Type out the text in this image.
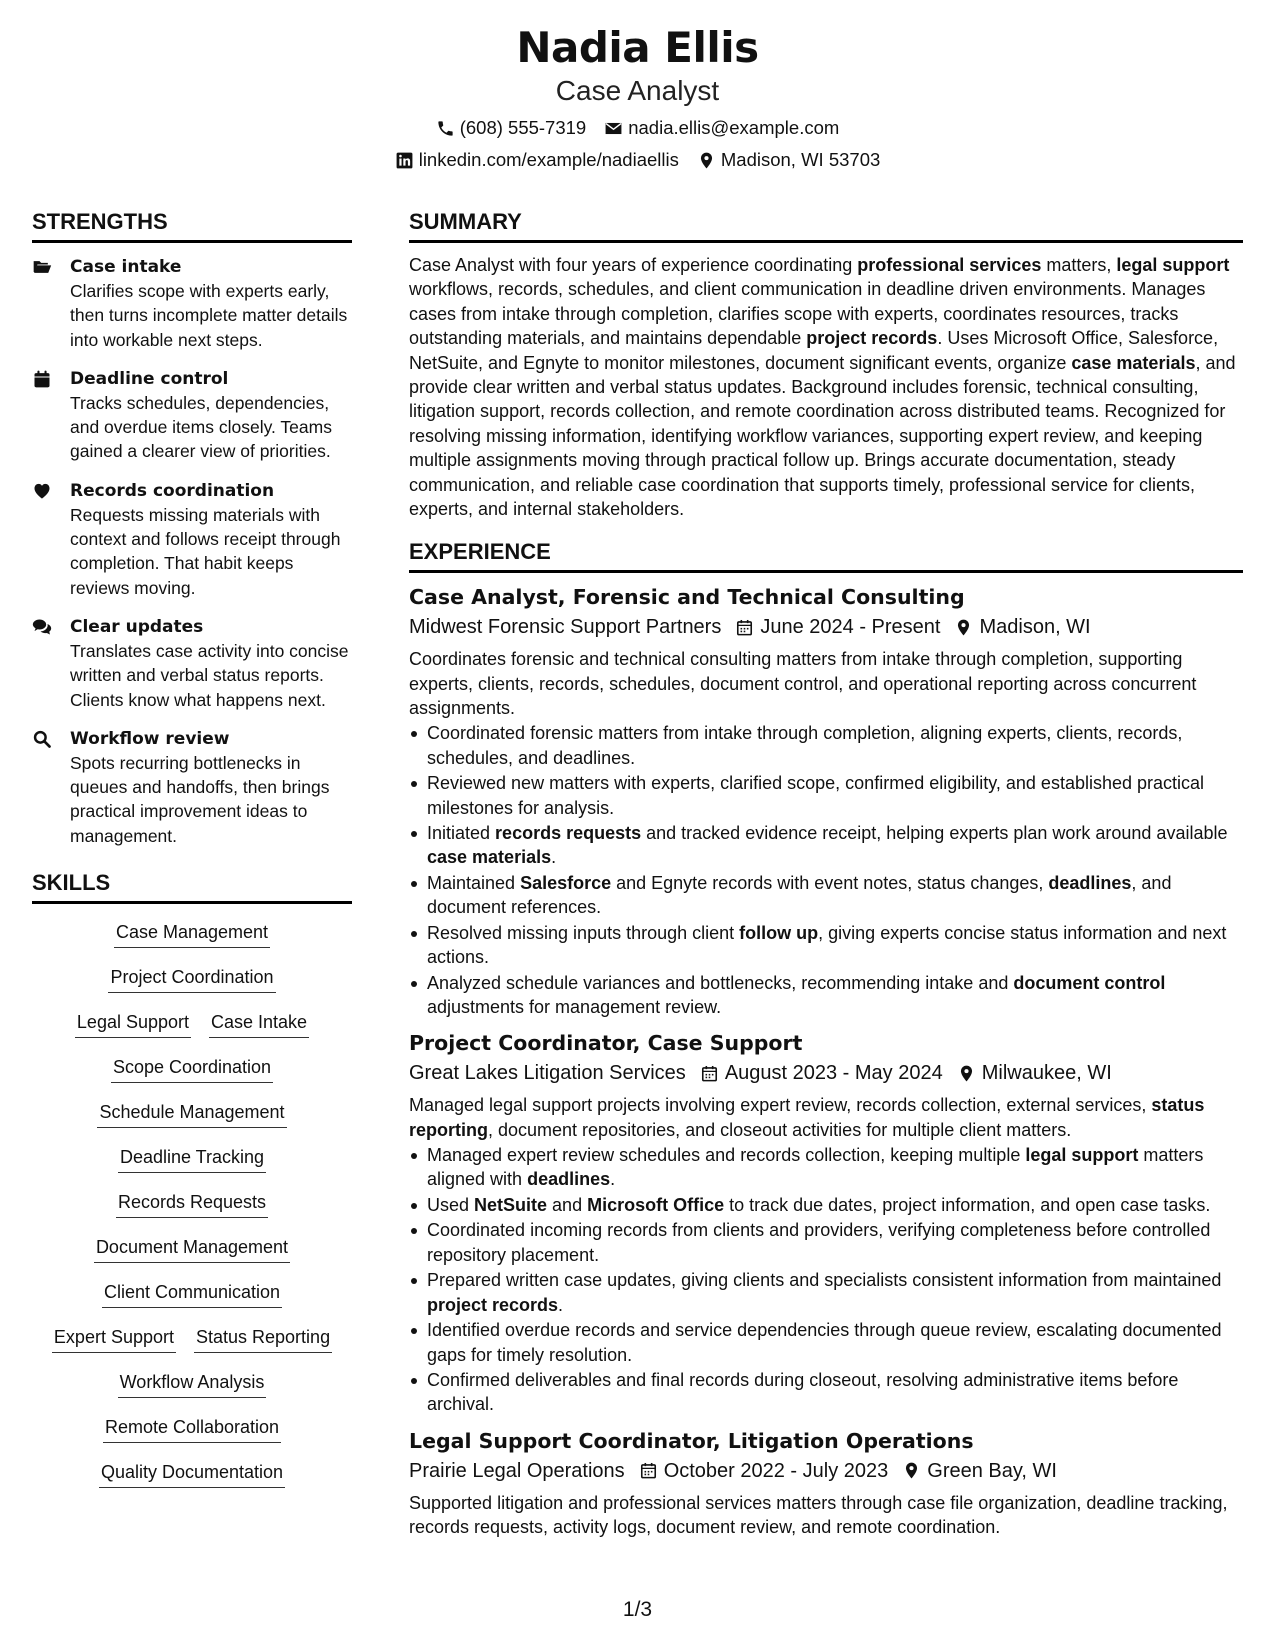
Nadia Ellis
Case Analyst
(608) 555-7319 nadia.ellis@example.com
linkedin.com/example/nadiaellis Madison, WI 53703
STRENGTHS
Case intake
Clarifies scope with experts early, then turns incomplete matter details into workable next steps.
Deadline control
Tracks schedules, dependencies, and overdue items closely. Teams gained a clearer view of priorities.
Records coordination
Requests missing materials with context and follows receipt through completion. That habit keeps reviews moving.
Clear updates
Translates case activity into concise written and verbal status reports. Clients know what happens next.
Workflow review
Spots recurring bottlenecks in queues and handoffs, then brings practical improvement ideas to management.
SKILLS
Case Management
Project Coordination
Legal Support Case Intake
Scope Coordination
Schedule Management
Deadline Tracking
Records Requests
Document Management
Client Communication
Expert Support Status Reporting
Workflow Analysis
Remote Collaboration
Quality Documentation
SUMMARY
Case Analyst with four years of experience coordinating professional services matters, legal support workflows, records, schedules, and client communication in deadline driven environments. Manages cases from intake through completion, clarifies scope with experts, coordinates resources, tracks outstanding materials, and maintains dependable project records. Uses Microsoft Office, Salesforce, NetSuite, and Egnyte to monitor milestones, document significant events, organize case materials, and provide clear written and verbal status updates. Background includes forensic, technical consulting, litigation support, records collection, and remote coordination across distributed teams. Recognized for resolving missing information, identifying workflow variances, supporting expert review, and keeping multiple assignments moving through practical follow up. Brings accurate documentation, steady communication, and reliable case coordination that supports timely, professional service for clients, experts, and internal stakeholders.
EXPERIENCE
Case Analyst, Forensic and Technical Consulting
Midwest Forensic Support Partners June 2024 - Present Madison, WI
Coordinates forensic and technical consulting matters from intake through completion, supporting experts, clients, records, schedules, document control, and operational reporting across concurrent assignments.
Coordinated forensic matters from intake through completion, aligning experts, clients, records, schedules, and deadlines.
Reviewed new matters with experts, clarified scope, confirmed eligibility, and established practical milestones for analysis.
Initiated records requests and tracked evidence receipt, helping experts plan work around available case materials.
Maintained Salesforce and Egnyte records with event notes, status changes, deadlines, and document references.
Resolved missing inputs through client follow up, giving experts concise status information and next actions.
Analyzed schedule variances and bottlenecks, recommending intake and document control adjustments for management review.
Project Coordinator, Case Support
Great Lakes Litigation Services August 2023 - May 2024 Milwaukee, WI
Managed legal support projects involving expert review, records collection, external services, status reporting, document repositories, and closeout activities for multiple client matters.
Managed expert review schedules and records collection, keeping multiple legal support matters aligned with deadlines.
Used NetSuite and Microsoft Office to track due dates, project information, and open case tasks.
Coordinated incoming records from clients and providers, verifying completeness before controlled repository placement.
Prepared written case updates, giving clients and specialists consistent information from maintained project records.
Identified overdue records and service dependencies through queue review, escalating documented gaps for timely resolution.
Confirmed deliverables and final records during closeout, resolving administrative items before archival.
Legal Support Coordinator, Litigation Operations
Prairie Legal Operations October 2022 - July 2023 Green Bay, WI
Supported litigation and professional services matters through case file organization, deadline tracking, records requests, activity logs, document review, and remote coordination.
1/3
